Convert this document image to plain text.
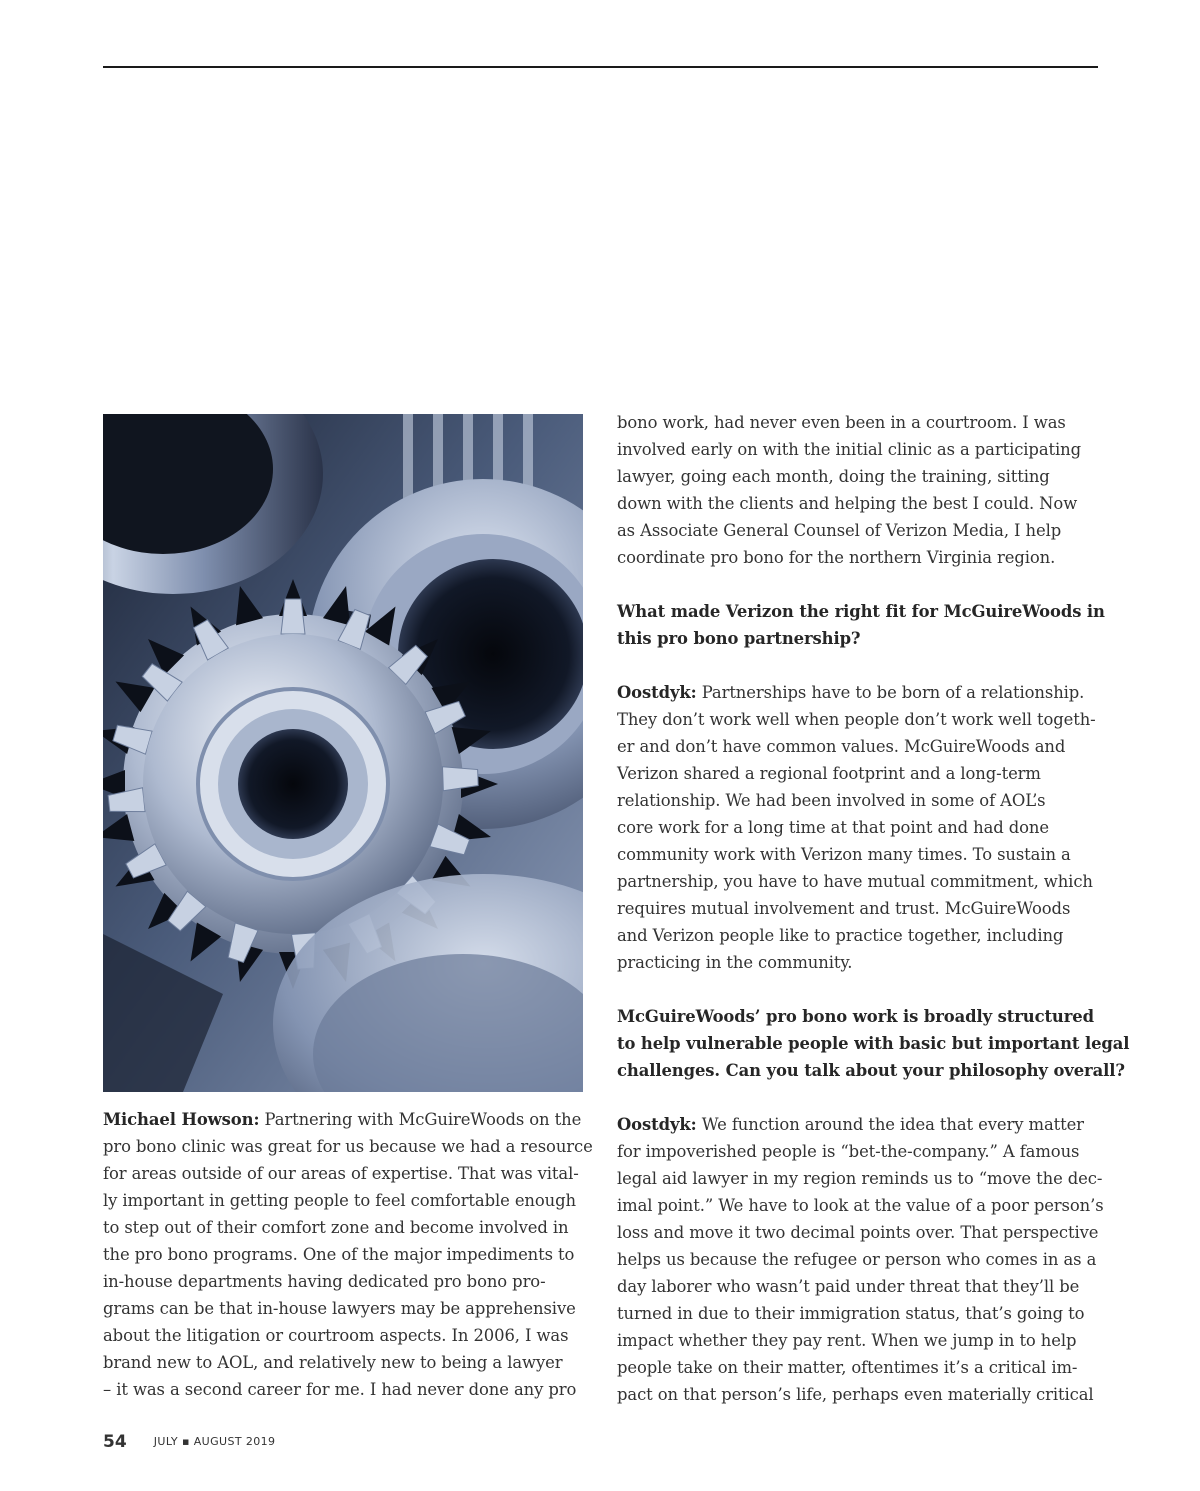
Michael Howson: Partnering with McGuireWoods on the
pro bono clinic was great for us because we had a resource
for areas outside of our areas of expertise. That was vital-
ly important in getting people to feel comfortable enough
to step out of their comfort zone and become involved in
the pro bono programs. One of the major impediments to
in-house departments having dedicated pro bono pro-
grams can be that in-house lawyers may be apprehensive
about the litigation or courtroom aspects. In 2006, I was
brand new to AOL, and relatively new to being a lawyer
– it was a second career for me. I had never done any pro
bono work, had never even been in a courtroom. I was
involved early on with the initial clinic as a participating
lawyer, going each month, doing the training, sitting
down with the clients and helping the best I could. Now
as Associate General Counsel of Verizon Media, I help
coordinate pro bono for the northern Virginia region.
What made Verizon the right fit for McGuireWoods in
this pro bono partnership?
Oostdyk: Partnerships have to be born of a relationship.
They don’t work well when people don’t work well togeth-
er and don’t have common values. McGuireWoods and
Verizon shared a regional footprint and a long-term
relationship. We had been involved in some of AOL’s
core work for a long time at that point and had done
community work with Verizon many times. To sustain a
partnership, you have to have mutual commitment, which
requires mutual involvement and trust. McGuireWoods
and Verizon people like to practice together, including
practicing in the community.
McGuireWoods’ pro bono work is broadly structured
to help vulnerable people with basic but important legal
challenges. Can you talk about your philosophy overall?
Oostdyk: We function around the idea that every matter
for impoverished people is “bet-the-company.” A famous
legal aid lawyer in my region reminds us to “move the dec-
imal point.” We have to look at the value of a poor person’s
loss and move it two decimal points over. That perspective
helps us because the refugee or person who comes in as a
day laborer who wasn’t paid under threat that they’ll be
turned in due to their immigration status, that’s going to
impact whether they pay rent. When we jump in to help
people take on their matter, oftentimes it’s a critical im-
pact on that person’s life, perhaps even materially critical
54 JULY ▪ AUGUST 2019
